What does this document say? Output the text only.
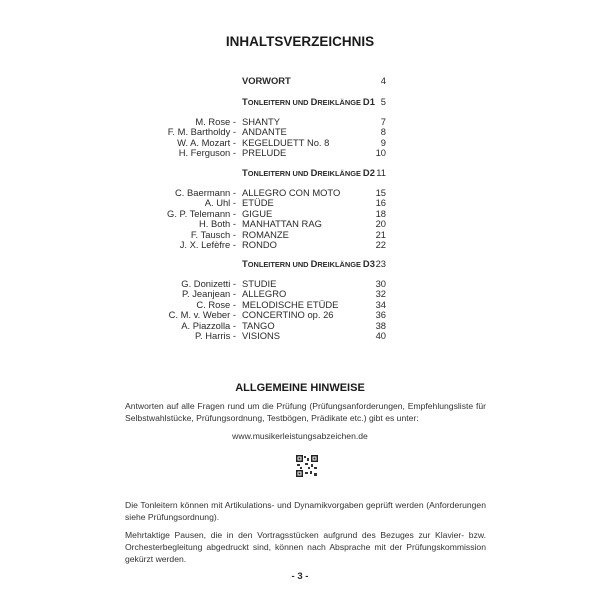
INHALTSVERZEICHNIS
VORWORT	4
TONLEITERN UND DREIKLÄNGE D1 5
M. Rose - SHANTY	7
F. M. Bartholdy - ANDANTE	8
W. A. Mozart - KEGELDUETT No. 8	9
H. Ferguson - PRELUDE	10
TONLEITERN UND DREIKLÄNGE D2 11
C. Baermann - ALLEGRO CON MOTO	15
A. Uhl - ETÜDE	16
G. P. Telemann - GIGUE	18
H. Both - MANHATTAN RAG	20
F. Tausch - ROMANZE	21
J. X. Lefèfre - RONDO	22
TONLEITERN UND DREIKLÄNGE D3 23
G. Donizetti - STUDIE	30
P. Jeanjean - ALLEGRO	32
C. Rose - MELODISCHE ETÜDE	34
C. M. v. Weber - CONCERTINO op. 26	36
A. Piazzolla - TANGO	38
P. Harris - VISIONS	40
ALLGEMEINE HINWEISE
Antworten auf alle Fragen rund um die Prüfung (Prüfungsanforderungen, Empfehlungsliste für Selbstwahlstücke, Prüfungsordnung, Testbögen, Prädikate etc.) gibt es unter:
www.musikerleistungsabzeichen.de
Die Tonleitern können mit Artikulations- und Dynamikvorgaben geprüft werden (Anforderungen siehe Prüfungsordnung).
Mehrtaktige Pausen, die in den Vortragsstücken aufgrund des Bezuges zur Klavier- bzw. Orchesterbegleitung abgedruckt sind, können nach Absprache mit der Prüfungskommission gekürzt werden.
- 3 -
